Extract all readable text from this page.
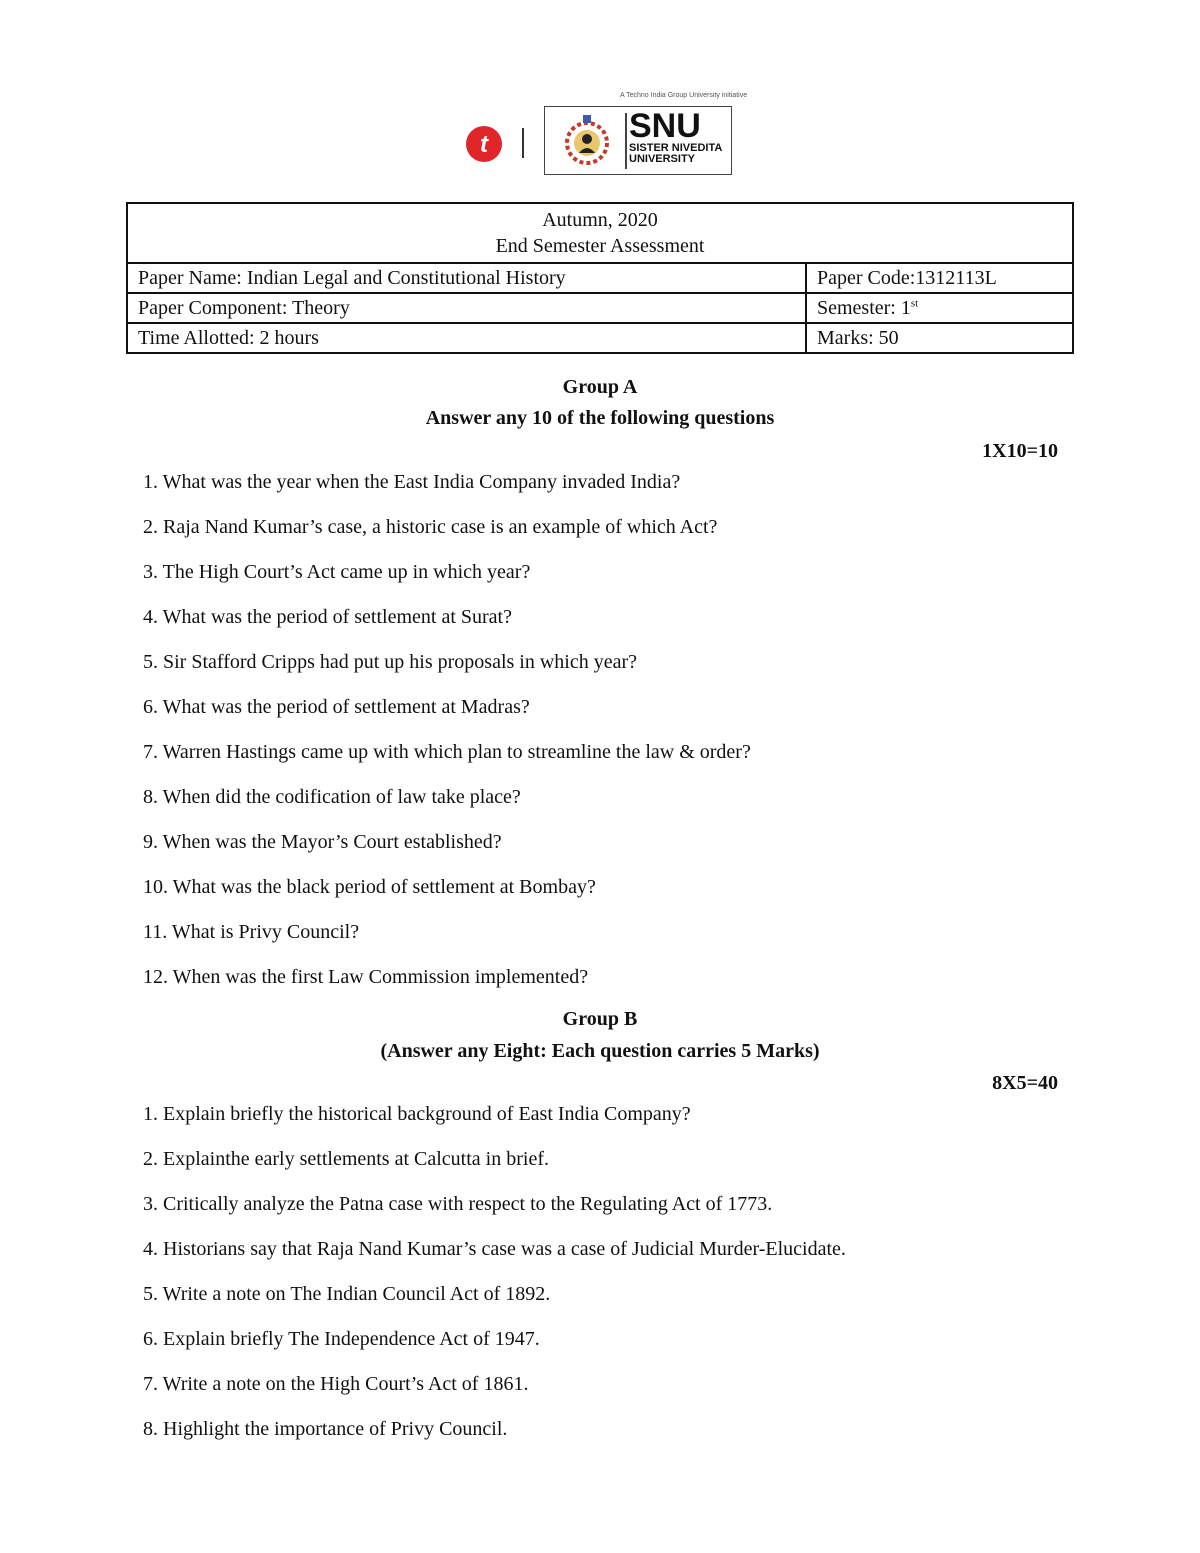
t
A Techno India Group University initiative
SNU
SISTER NIVEDITA
UNIVERSITY
Autumn, 2020
End Semester Assessment	

Paper Name: Indian Legal and Constitutional History	Paper Code:1312113L
Paper Component: Theory	Semester: 1st
Time Allotted: 2 hours	Marks: 50
Group A
Answer any 10 of the following questions
1X10=10
1. What was the year when the East India Company invaded India?
2. Raja Nand Kumar’s case, a historic case is an example of which Act?
3. The High Court’s Act came up in which year?
4. What was the period of settlement at Surat?
5. Sir Stafford Cripps had put up his proposals in which year?
6. What was the period of settlement at Madras?
7. Warren Hastings came up with which plan to streamline the law & order?
8. When did the codification of law take place?
9. When was the Mayor’s Court established?
10. What was the black period of settlement at Bombay?
11. What is Privy Council?
12. When was the first Law Commission implemented?
Group B
(Answer any Eight: Each question carries 5 Marks)
8X5=40
1. Explain briefly the historical background of East India Company?
2. Explainthe early settlements at Calcutta in brief.
3. Critically analyze the Patna case with respect to the Regulating Act of 1773.
4. Historians say that Raja Nand Kumar’s case was a case of Judicial Murder-Elucidate.
5. Write a note on The Indian Council Act of 1892.
6. Explain briefly The Independence Act of 1947.
7. Write a note on the High Court’s Act of 1861.
8. Highlight the importance of Privy Council.
